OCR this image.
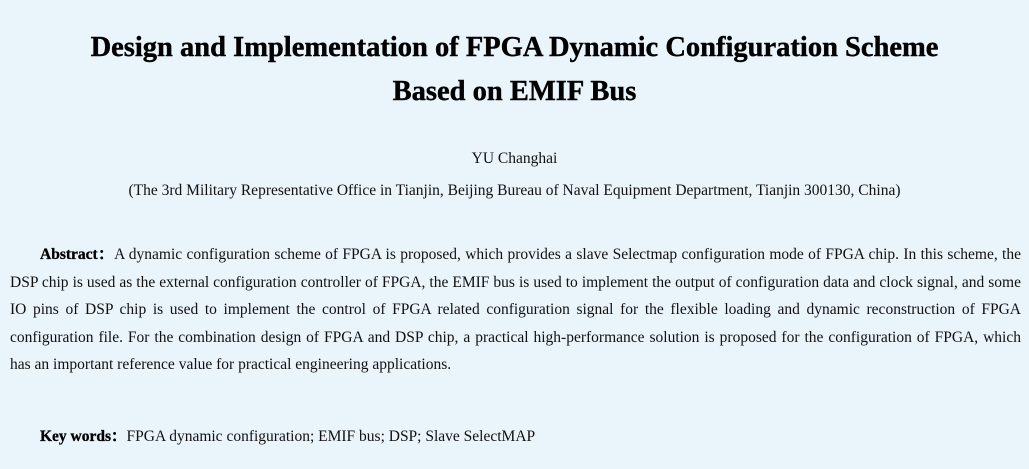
Design and Implementation of FPGA Dynamic Configuration Scheme
Based on EMIF Bus
YU Changhai
(The 3rd Military Representative Office in Tianjin, Beijing Bureau of Naval Equipment Department, Tianjin 300130, China)
Abstract：A dynamic configuration scheme of FPGA is proposed, which provides a slave Selectmap configuration mode of FPGA chip. In this scheme, the DSP chip is used as the external configuration controller of FPGA, the EMIF bus is used to implement the output of configuration data and clock signal, and some IO pins of DSP chip is used to implement the control of FPGA related configuration signal for the flexible loading and dynamic reconstruction of FPGA configuration file. For the combination design of FPGA and DSP chip, a practical high-performance solution is proposed for the configuration of FPGA, which has an important reference value for practical engineering applications.
Key words：FPGA dynamic configuration; EMIF bus; DSP; Slave SelectMAP
